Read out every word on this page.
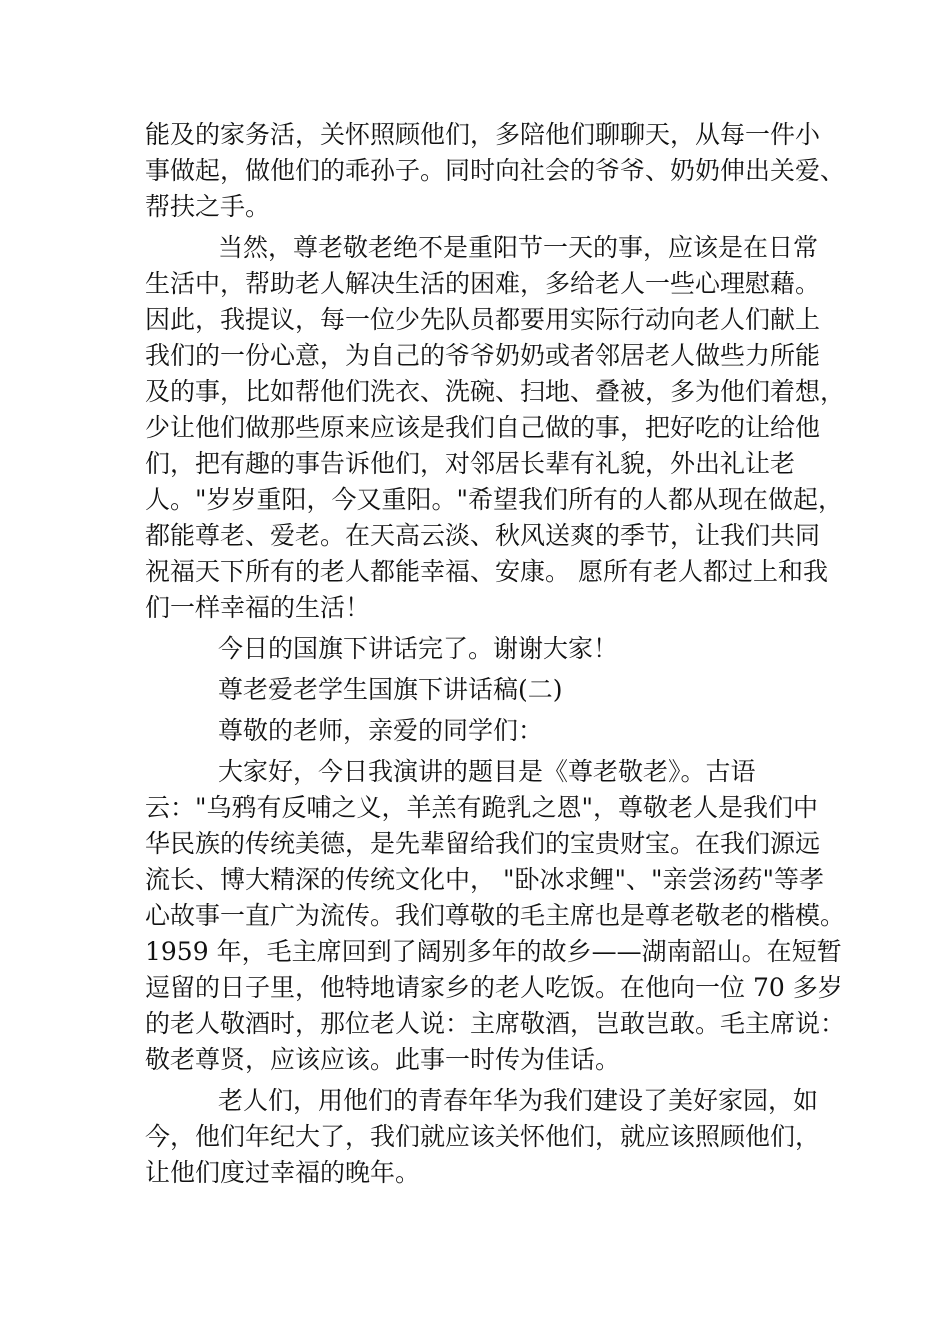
能及的家务活，关怀照顾他们，多陪他们聊聊天，从每一件小
事做起，做他们的乖孙子。同时向社会的爷爷、奶奶伸出关爱、
帮扶之手。
当然，尊老敬老绝不是重阳节一天的事，应该是在日常
生活中，帮助老人解决生活的困难，多给老人一些心理慰藉。
因此，我提议，每一位少先队员都要用实际行动向老人们献上
我们的一份心意，为自己的爷爷奶奶或者邻居老人做些力所能
及的事，比如帮他们洗衣、洗碗、扫地、叠被，多为他们着想，
少让他们做那些原来应该是我们自己做的事，把好吃的让给他
们，把有趣的事告诉他们，对邻居长辈有礼貌，外出礼让老
人。"岁岁重阳，今又重阳。"希望我们所有的人都从现在做起，
都能尊老、爱老。在天高云淡、秋风送爽的季节，让我们共同
祝福天下所有的老人都能幸福、安康。 愿所有老人都过上和我
们一样幸福的生活！
今日的国旗下讲话完了。谢谢大家！
尊老爱老学生国旗下讲话稿(二)
尊敬的老师，亲爱的同学们：
大家好，今日我演讲的题目是《尊老敬老》。古语
云："乌鸦有反哺之义，羊羔有跪乳之恩"，尊敬老人是我们中
华民族的传统美德，是先辈留给我们的宝贵财宝。在我们源远
流长、博大精深的传统文化中， "卧冰求鲤"、"亲尝汤药"等孝
心故事一直广为流传。我们尊敬的毛主席也是尊老敬老的楷模。
1959 年，毛主席回到了阔别多年的故乡——湖南韶山。在短暂
逗留的日子里，他特地请家乡的老人吃饭。在他向一位 70 多岁
的老人敬酒时，那位老人说：主席敬酒，岂敢岂敢。毛主席说：
敬老尊贤，应该应该。此事一时传为佳话。
老人们，用他们的青春年华为我们建设了美好家园，如
今，他们年纪大了，我们就应该关怀他们，就应该照顾他们，
让他们度过幸福的晚年。
